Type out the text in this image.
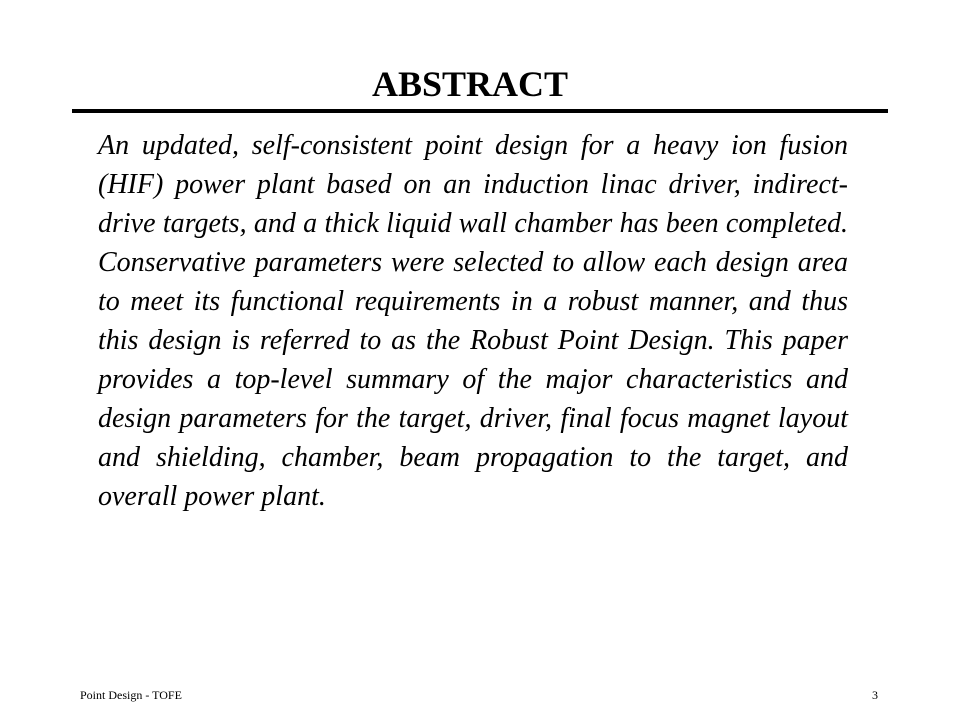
ABSTRACT

An updated, self-consistent point design for a heavy ion fusion (HIF) power plant based on an induction linac driver, indirect-drive targets, and a thick liquid wall chamber has been completed. Conservative parameters were selected to allow each design area to meet its functional requirements in a robust manner, and thus this design is referred to as the Robust Point Design. This paper provides a top-level summary of the major characteristics and design parameters for the target, driver, final focus magnet layout and shielding, chamber, beam propagation to the target, and overall power plant.

Point Design - TOFE	3
